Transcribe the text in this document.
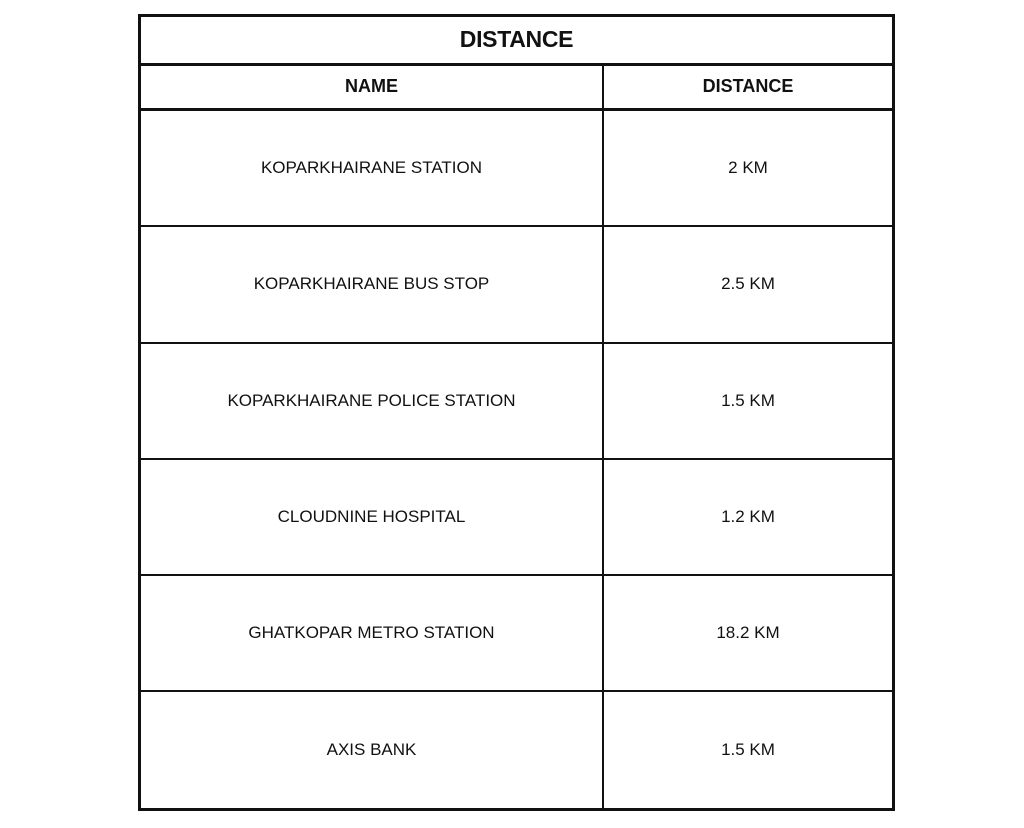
DISTANCE
NAME	DISTANCE
KOPARKHAIRANE STATION	2 KM
KOPARKHAIRANE BUS STOP	2.5 KM
KOPARKHAIRANE POLICE STATION	1.5 KM
CLOUDNINE HOSPITAL	1.2 KM
GHATKOPAR METRO STATION	18.2 KM
AXIS BANK	1.5 KM
